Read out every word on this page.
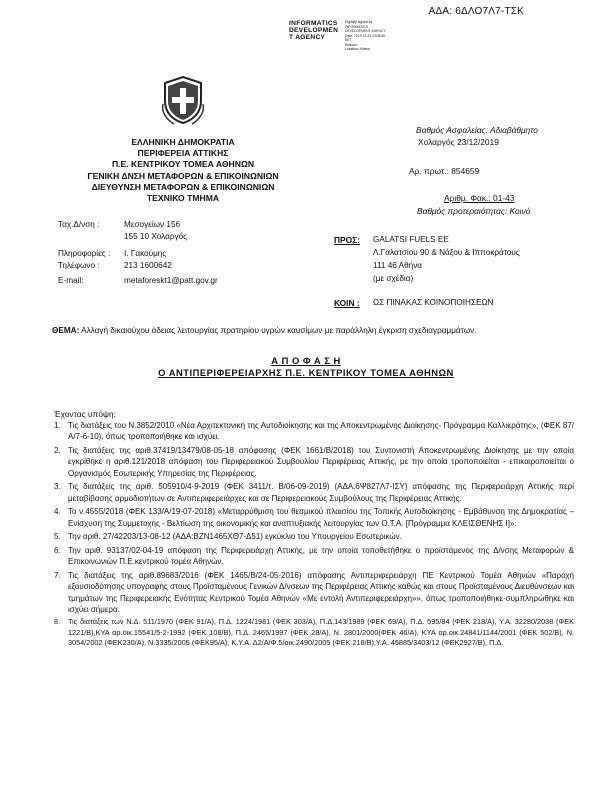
ΑΔΑ: 6ΔΛΟ7Λ7-ΤΣΚ
INFORMATICS
DEVELOPMEN
T AGENCY
Digitally signed by
INFORMATICS
DEVELOPMENT AGENCY
Date: 2019.12.23 13:08:50
EET
Reason:
Location: Athens
ΕΛΛΗΝΙΚΗ ΔΗΜΟΚΡΑΤΙΑ
ΠΕΡΙΦΕΡΕΙΑ ΑΤΤΙΚΗΣ
Π.Ε. ΚΕΝΤΡΙΚΟΥ ΤΟΜΕΑ ΑΘΗΝΩΝ
ΓΕΝΙΚΗ ΔΝΣΗ ΜΕΤΑΦΟΡΩΝ & ΕΠΙΚΟΙΝΩΝΙΩΝ
ΔΙΕΥΘΥΝΣΗ ΜΕΤΑΦΟΡΩΝ & ΕΠΙΚΟΙΝΩΝΙΩΝ
ΤΕΧΝΙΚΟ ΤΜΗΜΑ
Βαθμός Ασφαλείας: Αδιαβάθμητο
Χολαργός 23/12/2019
Αρ. πρωτ.: 854659
Αριθμ. Φακ.: 01-43
Βαθμός προτεραιότητας: Κοινό
Ταχ.Δ/νση :	Μεσογείων 156
155 10 Χολαργός
Πληροφορίες : Ι. Γακούμης
Τηλέφωνο :	213 1600642
E-mail:	metaforeskt1@patt.gov.gr
ΠΡΟΣ: GALATSI FUELS ΕΕ
Λ.Γαλατσίου 90 & Νάξου & Ιπποκράτους
111 46 Αθήνα
(με σχέδια)
ΚΟΙΝ : ΩΣ ΠΙΝΑΚΑΣ ΚΟΙΝΟΠΟΙΗΣΕΩΝ
ΘΕΜΑ: Αλλαγή δικαιούχου άδειας λειτουργίας πρατηρίου υγρών καυσίμων με παράλληλη έγκριση σχεδιαγραμμάτων.
Α Π Ο Φ Α Σ Η
Ο ΑΝΤΙΠΕΡΙΦΕΡΕΙΑΡΧΗΣ Π.Ε. ΚΕΝΤΡΙΚΟΥ ΤΟΜΕΑ ΑΘΗΝΩΝ
Έχοντας υπόψη:
1. Τις διατάξεις του Ν.3852/2010 «Νέα Αρχιτεκτονική της Αυτοδιοίκησης και της Αποκεντρωμένης Διοίκησης- Πρόγραμμα Καλλικράτης», (ΦΕΚ 87/Α/7-6-10), όπως τροποποιήθηκε και ισχύει.
2. Τις διατάξεις της αριθ.37419/13479/08-05-18 απόφασης (ΦΕΚ 1661/Β/2018) του Συντονιστή Αποκεντρωμένης Διοίκησης με την οποία εγκρίθηκε η αριθ.121/2018 απόφαση του Περιφερειακού Συμβουλίου Περιφέρειας Αττικής, με την οποία τροποποιείται - επικαιροποιείται ο Οργανισμός Εσωτερικής Υπηρεσίας της Περιφέρειας.
3. Τις διατάξεις της αριθ. 505910/4-9-2019 (ΦΕΚ 3411/τ. Β/06-09-2019) (ΑΔΑ:6Ψ827Λ7-ΙΣΥ) απόφασης της Περιφερειάρχη Αττικής περί μεταβίβασης αρμοδιοτήτων σε Αντιπεριφερειάρχες και σε Περιφερειακούς Συμβούλους της Περιφέρειας Αττικής.
4. Το ν.4555/2018 (ΦΕΚ 133/Α/19-07-2018) «Μεταρρύθμιση του θεσμικού πλαισίου της Τοπικής Αυτοδιοίκησης - Εμβάθυνση της Δημοκρατίας – Ενίσχυση της Συμμετοχής - Βελτίωση της οικονομικής και αναπτυξιακής λειτουργίας των Ο.Τ.Α. [Πρόγραμμα ΚΛΕΙΣΘΕΝΗΣ Ι]».
5. Την αριθ. 27/42203/13-08-12 (ΑΔΑ:ΒΖΝ1465ΧΘ7-Δ51) εγκύκλιο του Υπουργείου Εσωτερικών.
6. Την αριθ. 93137/02-04-19 απόφαση της Περιφερειάρχη Αττικής, με την οποία τοποθετήθηκε ο προϊστάμενος της Δ/νσης Μεταφορών & Επικοινωνιών Π.Ε.κεντρικού τομέα Αθηνών.
7. Τις διατάξεις της αριθ.89683/2016 (ΦΕΚ 1465/Β/24-05-2016) απόφασης Αντιπεριφερειάρχη ΠΕ Κεντρικού Τομέα Αθηνών «Παροχή εξουσιοδότησης υπογραφής στους Προϊσταμένους Γενικών Δ/νσεων της Περιφέρειας Αττικής καθώς και στους Προϊσταμένους Διευθύνσεων και τμημάτων της Περιφερειακής Ενότητας Κεντρικού Τομέα Αθηνών «Με εντολή Αντιπεριφερειάρχη»», όπως τροποποιήθηκε-συμπληρώθηκε και ισχύει σήμερα.
8. Τις διατάξεις των Ν.Δ. 511/1970 (ΦΕΚ 91/Α), Π.Δ. 1224/1981 (ΦΕΚ 303/Α), Π.Δ.143/1989 (ΦΕΚ 69/Α), Π.Δ. 595/84 (ΦΕΚ 218/Α), Υ.Α. 32280/2038 (ΦΕΚ 1221/Β),ΚΥΑ αρ.οικ.15541/5-2-1992 (ΦΕΚ 108/Β), Π.Δ. 2465/1997 (ΦΕΚ 28/Α), Ν. 2801/2000(ΦΕΚ 46/Α), ΚΥΑ αρ.οικ.24841/1144/2001 (ΦΕΚ 502/Β), Ν. 3054/2002 (ΦΕΚ230/Α), Ν.3335/2005 (ΦΕΚ95/Α), Κ.Υ.Α. Δ2/Α/Φ.5/οικ.2490/2005 (ΦΕΚ 218/Β),Υ.Α. 45885/3403/12 (ΦΕΚ2927/Β), Π.Δ.
